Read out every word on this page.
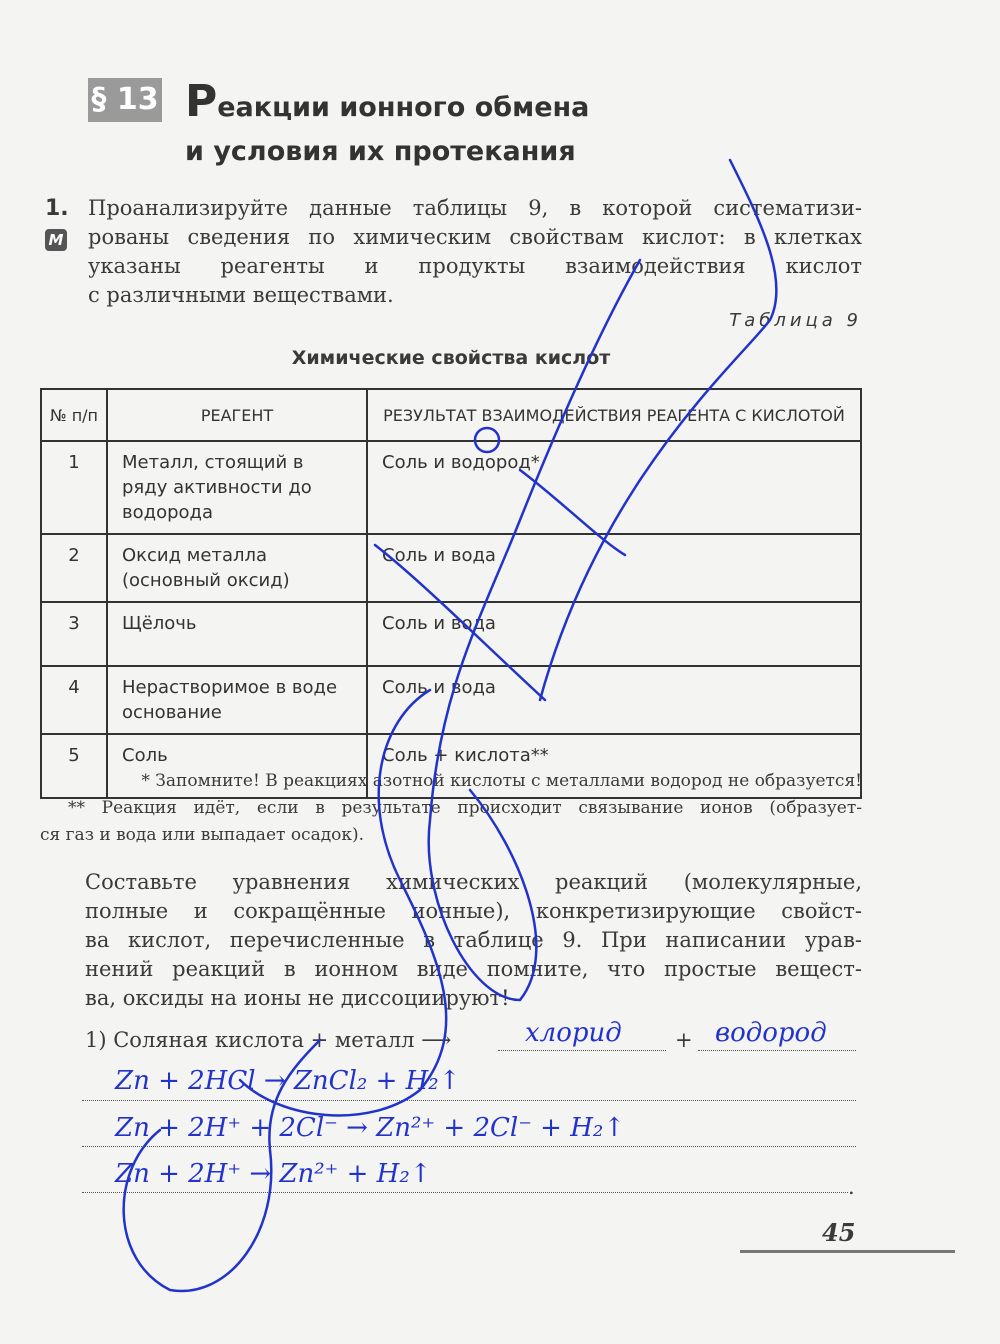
§ 13 Реакции ионного обмена
и условия их протекания
1.
М
Проанализируйте данные таблицы 9, в которой систематизи-
рованы сведения по химическим свойствам кислот: в клетках
указаны реагенты и продукты взаимодействия кислот
с различными веществами.
Таблица 9
Химические свойства кислот
№ п/п	РЕАГЕНТ	РЕЗУЛЬТАТ ВЗАИМОДЕЙСТВИЯ РЕАГЕНТА С КИСЛОТОЙ
1	Металл, стоящий в ряду активности до водорода	Соль и водород*
2	Оксид металла (основный оксид)	Соль и вода
3	Щёлочь	Соль и вода
4	Нерастворимое в воде основание	Соль и вода
5	Соль	Соль + кислота**
* Запомните! В реакциях азотной кислоты с металлами водород не образуется!
** Реакция идёт, если в результате происходит связывание ионов (образует-
ся газ и вода или выпадает осадок).
Составьте уравнения химических реакций (молекулярные,
полные и сокращённые ионные), конкретизирующие свойст-
ва кислот, перечисленные в таблице 9. При написании урав-
нений реакций в ионном виде помните, что простые вещест-
ва, оксиды на ионы не диссоциируют!
1) Соляная кислота + металл ⟶	хлорид	+ водород
.
Zn + 2HCl → ZnCl₂ + H₂↑
Zn + 2H⁺ + 2Cl⁻ → Zn²⁺ + 2Cl⁻ + H₂↑
Zn + 2H⁺ → Zn²⁺ + H₂↑
45
